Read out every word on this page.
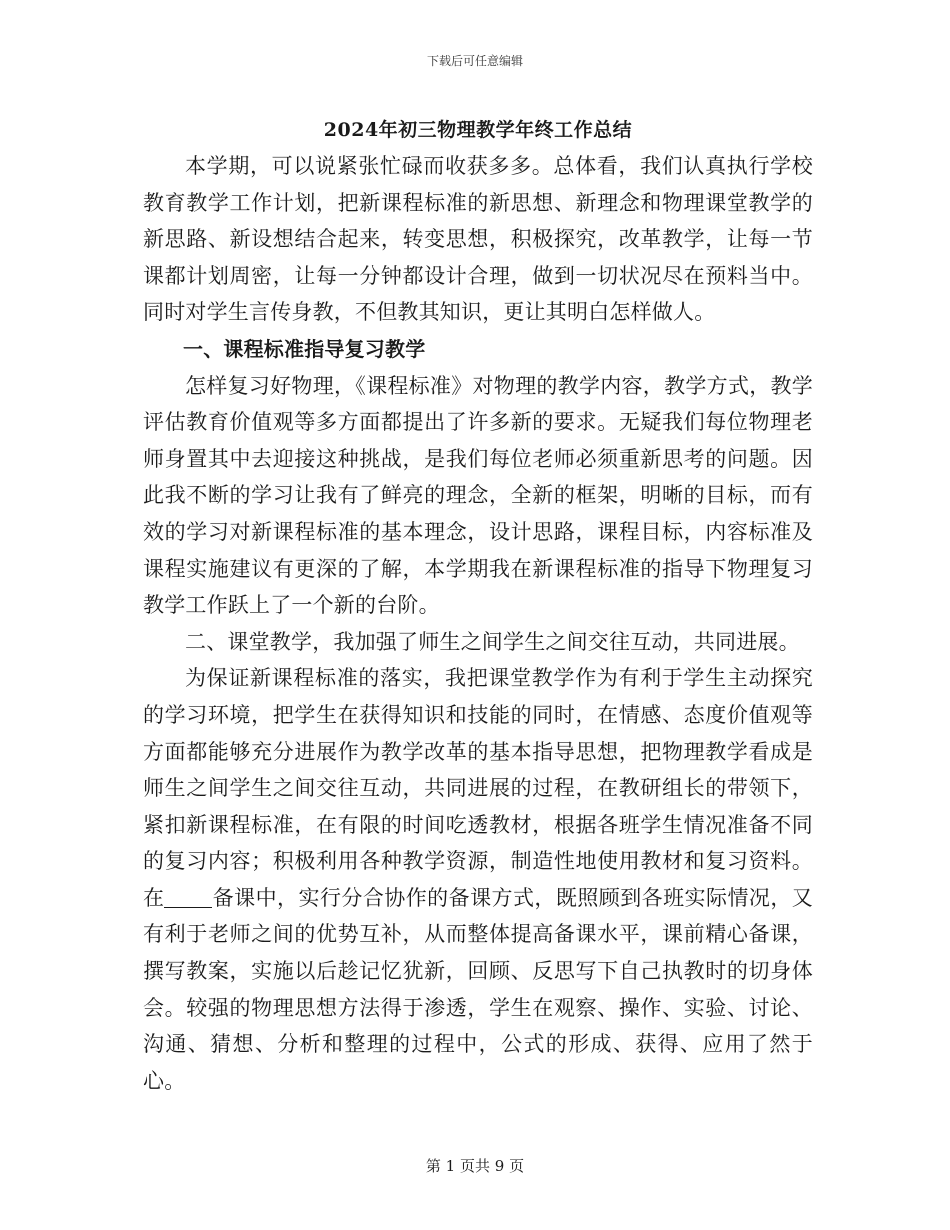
下载后可任意编辑
2024年初三物理教学年终工作总结

本学期，可以说紧张忙碌而收获多多。总体看，我们认真执行学校教育教学工作计划，把新课程标准的新思想、新理念和物理课堂教学的新思路、新设想结合起来，转变思想，积极探究，改革教学，让每一节课都计划周密，让每一分钟都设计合理，做到一切状况尽在预料当中。同时对学生言传身教，不但教其知识，更让其明白怎样做人。

一、课程标准指导复习教学

怎样复习好物理，《课程标准》对物理的教学内容，教学方式，教学评估教育价值观等多方面都提出了许多新的要求。无疑我们每位物理老师身置其中去迎接这种挑战，是我们每位老师必须重新思考的问题。因此我不断的学习让我有了鲜亮的理念，全新的框架，明晰的目标，而有效的学习对新课程标准的基本理念，设计思路，课程目标，内容标准及课程实施建议有更深的了解，本学期我在新课程标准的指导下物理复习教学工作跃上了一个新的台阶。

二、课堂教学，我加强了师生之间学生之间交往互动，共同进展。

为保证新课程标准的落实，我把课堂教学作为有利于学生主动探究的学习环境，把学生在获得知识和技能的同时，在情感、态度价值观等方面都能够充分进展作为教学改革的基本指导思想，把物理教学看成是师生之间学生之间交往互动，共同进展的过程，在教研组长的带领下，紧扣新课程标准，在有限的时间吃透教材，根据各班学生情况准备不同的复习内容；积极利用各种教学资源，制造性地使用教材和复习资料。在 备课中，实行分合协作的备课方式，既照顾到各班实际情况，又有利于老师之间的优势互补，从而整体提高备课水平，课前精心备课，撰写教案，实施以后趁记忆犹新，回顾、反思写下自己执教时的切身体会。较强的物理思想方法得于渗透，学生在观察、操作、实验、讨论、沟通、猜想、分析和整理的过程中，公式的形成、获得、应用了然于心。

第 1 页共 9 页
